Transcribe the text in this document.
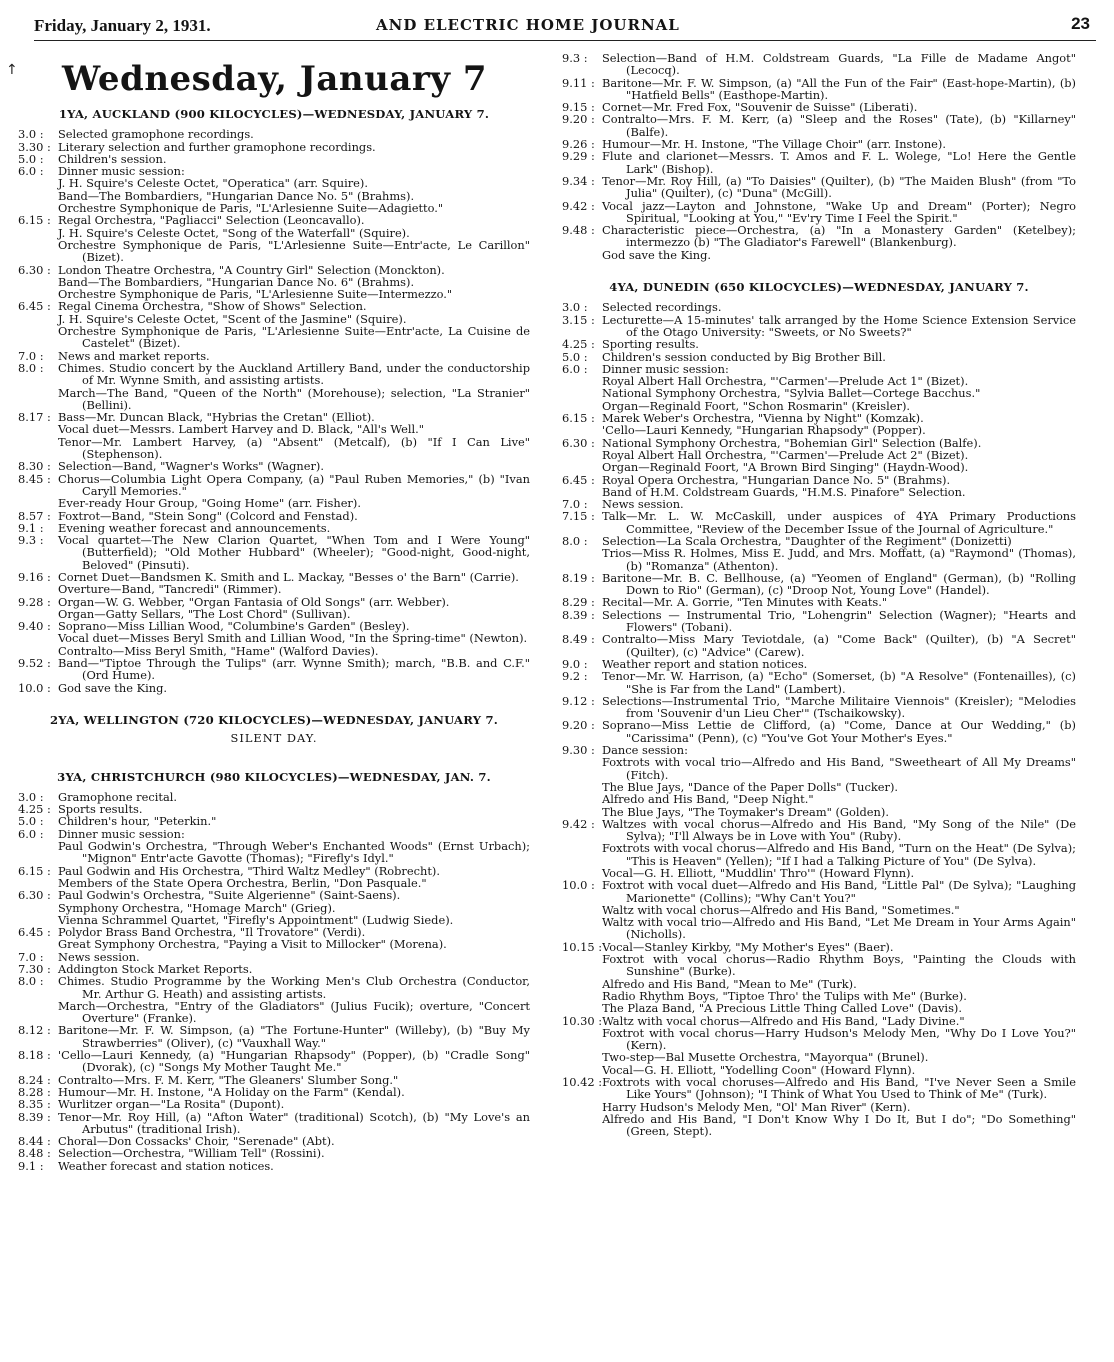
Friday, January 2, 1931.	AND ELECTRIC HOME JOURNAL	23
↑ Wednesday, January 7
1YA, AUCKLAND (900 KILOCYCLES)—WEDNESDAY, JANUARY 7.
3.0 :	Selected gramophone recordings.
3.30 : Literary selection and further gramophone recordings.
5.0 :	Children's session.
6.0 :	Dinner music session:
J. H. Squire's Celeste Octet, "Operatica" (arr. Squire).
Band—The Bombardiers, "Hungarian Dance No. 5" (Brahms).
Orchestre Symphonique de Paris, "L'Arlesienne Suite—Adagietto."
6.15 : Regal Orchestra, "Pagliacci" Selection (Leoncavallo).
J. H. Squire's Celeste Octet, "Song of the Waterfall" (Squire).
Orchestre Symphonique de Paris, "L'Arlesienne Suite—Entr'acte, Le Carillon" (Bizet).
6.30 : London Theatre Orchestra, "A Country Girl" Selection (Monckton).
Band—The Bombardiers, "Hungarian Dance No. 6" (Brahms).
Orchestre Symphonique de Paris, "L'Arlesienne Suite—Intermezzo."
6.45 : Regal Cinema Orchestra, "Show of Shows" Selection.
J. H. Squire's Celeste Octet, "Scent of the Jasmine" (Squire).
Orchestre Symphonique de Paris, "L'Arlesienne Suite—Entr'acte, La Cuisine de Castelet" (Bizet).
7.0 :	News and market reports.
8.0 :	Chimes. Studio concert by the Auckland Artillery Band, under the conductorship of Mr. Wynne Smith, and assisting artists.
March—The Band, "Queen of the North" (Morehouse); selection, "La Stranier" (Bellini).
8.17 : Bass—Mr. Duncan Black, "Hybrias the Cretan" (Elliot).
Vocal duet—Messrs. Lambert Harvey and D. Black, "All's Well."
Tenor—Mr. Lambert Harvey, (a) "Absent" (Metcalf), (b) "If I Can Live" (Stephenson).
8.30 : Selection—Band, "Wagner's Works" (Wagner).
8.45 : Chorus—Columbia Light Opera Company, (a) "Paul Ruben Memories," (b) "Ivan Caryll Memories."
Ever-ready Hour Group, "Going Home" (arr. Fisher).
8.57 : Foxtrot—Band, "Stein Song" (Colcord and Fenstad).
9.1 :	Evening weather forecast and announcements.
9.3 :	Vocal quartet—The New Clarion Quartet, "When Tom and I Were Young" (Butterfield); "Old Mother Hubbard" (Wheeler); "Good-night, Good-night, Beloved" (Pinsuti).
9.16 : Cornet Duet—Bandsmen K. Smith and L. Mackay, "Besses o' the Barn" (Carrie).
Overture—Band, "Tancredi" (Rimmer).
9.28 : Organ—W. G. Webber, "Organ Fantasia of Old Songs" (arr. Webber).
Organ—Gatty Sellars, "The Lost Chord" (Sullivan).
9.40 : Soprano—Miss Lillian Wood, "Columbine's Garden" (Besley).
Vocal duet—Misses Beryl Smith and Lillian Wood, "In the Spring-time" (Newton).
Contralto—Miss Beryl Smith, "Hame" (Walford Davies).
9.52 : Band—"Tiptoe Through the Tulips" (arr. Wynne Smith); march, "B.B. and C.F." (Ord Hume).
10.0 : God save the King.
2YA, WELLINGTON (720 KILOCYCLES)—WEDNESDAY, JANUARY 7.
SILENT DAY.
3YA, CHRISTCHURCH (980 KILOCYCLES)—WEDNESDAY, JAN. 7.
3.0 :	Gramophone recital.
4.25 : Sports results.
5.0 :	Children's hour, "Peterkin."
6.0 :	Dinner music session:
Paul Godwin's Orchestra, "Through Weber's Enchanted Woods" (Ernst Urbach); "Mignon" Entr'acte Gavotte (Thomas); "Firefly's Idyl."
6.15 : Paul Godwin and His Orchestra, "Third Waltz Medley" (Robrecht).
Members of the State Opera Orchestra, Berlin, "Don Pasquale."
6.30 : Paul Godwin's Orchestra, "Suite Algerienne" (Saint-Saens).
Symphony Orchestra, "Homage March" (Grieg).
Vienna Schrammel Quartet, "Firefly's Appointment" (Ludwig Siede).
6.45 : Polydor Brass Band Orchestra, "Il Trovatore" (Verdi).
Great Symphony Orchestra, "Paying a Visit to Millocker" (Morena).
7.0 :	News session.
7.30 : Addington Stock Market Reports.
8.0 :	Chimes. Studio Programme by the Working Men's Club Orchestra (Conductor, Mr. Arthur G. Heath) and assisting artists.
March—Orchestra, "Entry of the Gladiators" (Julius Fucik); overture, "Concert Overture" (Franke).
8.12 : Baritone—Mr. F. W. Simpson, (a) "The Fortune-Hunter" (Willeby), (b) "Buy My Strawberries" (Oliver), (c) "Vauxhall Way."
8.18 : 'Cello—Lauri Kennedy, (a) "Hungarian Rhapsody" (Popper), (b) "Cradle Song" (Dvorak), (c) "Songs My Mother Taught Me."
8.24 : Contralto—Mrs. F. M. Kerr, "The Gleaners' Slumber Song."
8.28 : Humour—Mr. H. Instone, "A Holiday on the Farm" (Kendal).
8.35 : Wurlitzer organ—"La Rosita" (Dupont).
8.39 : Tenor—Mr. Roy Hill, (a) "Afton Water" (traditional) Scotch), (b) "My Love's an Arbutus" (traditional Irish).
8.44 : Choral—Don Cossacks' Choir, "Serenade" (Abt).
8.48 : Selection—Orchestra, "William Tell" (Rossini).
9.1 :	Weather forecast and station notices.
9.3 :	Selection—Band of H.M. Coldstream Guards, "La Fille de Madame Angot" (Lecocq).
9.11 : Baritone—Mr. F. W. Simpson, (a) "All the Fun of the Fair" (East-hope-Martin), (b) "Hatfield Bells" (Easthope-Martin).
9.15 : Cornet—Mr. Fred Fox, "Souvenir de Suisse" (Liberati).
9.20 : Contralto—Mrs. F. M. Kerr, (a) "Sleep and the Roses" (Tate), (b) "Killarney" (Balfe).
9.26 : Humour—Mr. H. Instone, "The Village Choir" (arr. Instone).
9.29 : Flute and clarionet—Messrs. T. Amos and F. L. Wolege, "Lo! Here the Gentle Lark" (Bishop).
9.34 : Tenor—Mr. Roy Hill, (a) "To Daisies" (Quilter), (b) "The Maiden Blush" (from "To Julia" (Quilter), (c) "Duna" (McGill).
9.42 : Vocal jazz—Layton and Johnstone, "Wake Up and Dream" (Porter); Negro Spiritual, "Looking at You," "Ev'ry Time I Feel the Spirit."
9.48 : Characteristic piece—Orchestra, (a) "In a Monastery Garden" (Ketelbey); intermezzo (b) "The Gladiator's Farewell" (Blankenburg).
God save the King.
4YA, DUNEDIN (650 KILOCYCLES)—WEDNESDAY, JANUARY 7.
3.0 :	Selected recordings.
3.15 : Lecturette—A 15-minutes' talk arranged by the Home Science Extension Service of the Otago University: "Sweets, or No Sweets?"
4.25 : Sporting results.
5.0 :	Children's session conducted by Big Brother Bill.
6.0 :	Dinner music session:
Royal Albert Hall Orchestra, "'Carmen'—Prelude Act 1" (Bizet).
National Symphony Orchestra, "Sylvia Ballet—Cortege Bacchus."
Organ—Reginald Foort, "Schon Rosmarin" (Kreisler).
6.15 : Marek Weber's Orchestra, "Vienna by Night" (Komzak).
'Cello—Lauri Kennedy, "Hungarian Rhapsody" (Popper).
6.30 : National Symphony Orchestra, "Bohemian Girl" Selection (Balfe).
Royal Albert Hall Orchestra, "'Carmen'—Prelude Act 2" (Bizet).
Organ—Reginald Foort, "A Brown Bird Singing" (Haydn-Wood).
6.45 : Royal Opera Orchestra, "Hungarian Dance No. 5" (Brahms).
Band of H.M. Coldstream Guards, "H.M.S. Pinafore" Selection.
7.0 :	News session.
7.15 : Talk—Mr. L. W. McCaskill, under auspices of 4YA Primary Productions Committee, "Review of the December Issue of the Journal of Agriculture."
8.0 :	Selection—La Scala Orchestra, "Daughter of the Regiment" (Donizetti)
Trios—Miss R. Holmes, Miss E. Judd, and Mrs. Moffatt, (a) "Raymond" (Thomas), (b) "Romanza" (Athenton).
8.19 : Baritone—Mr. B. C. Bellhouse, (a) "Yeomen of England" (German), (b) "Rolling Down to Rio" (German), (c) "Droop Not, Young Love" (Handel).
8.29 : Recital—Mr. A. Gorrie, "Ten Minutes with Keats."
8.39 : Selections — Instrumental Trio, "Lohengrin" Selection (Wagner); "Hearts and Flowers" (Tobani).
8.49 : Contralto—Miss Mary Teviotdale, (a) "Come Back" (Quilter), (b) "A Secret" (Quilter), (c) "Advice" (Carew).
9.0 :	Weather report and station notices.
9.2 :	Tenor—Mr. W. Harrison, (a) "Echo" (Somerset, (b) "A Resolve" (Fontenailles), (c) "She is Far from the Land" (Lambert).
9.12 : Selections—Instrumental Trio, "Marche Militaire Viennois" (Kreisler); "Melodies from 'Souvenir d'un Lieu Cher'" (Tschaikowsky).
9.20 : Soprano—Miss Lettie de Clifford, (a) "Come, Dance at Our Wedding," (b) "Carissima" (Penn), (c) "You've Got Your Mother's Eyes."
9.30 : Dance session:
Foxtrots with vocal trio—Alfredo and His Band, "Sweetheart of All My Dreams" (Fitch).
The Blue Jays, "Dance of the Paper Dolls" (Tucker).
Alfredo and His Band, "Deep Night."
The Blue Jays, "The Toymaker's Dream" (Golden).
9.42 : Waltzes with vocal chorus—Alfredo and His Band, "My Song of the Nile" (De Sylva); "I'll Always be in Love with You" (Ruby).
Foxtrots with vocal chorus—Alfredo and His Band, "Turn on the Heat" (De Sylva); "This is Heaven" (Yellen); "If I had a Talking Picture of You" (De Sylva).
Vocal—G. H. Elliott, "Muddlin' Thro'" (Howard Flynn).
10.0 : Foxtrot with vocal duet—Alfredo and His Band, "Little Pal" (De Sylva); "Laughing Marionette" (Collins); "Why Can't You?"
Waltz with vocal chorus—Alfredo and His Band, "Sometimes."
Waltz with vocal trio—Alfredo and His Band, "Let Me Dream in Your Arms Again" (Nicholls).
10.15 : Vocal—Stanley Kirkby, "My Mother's Eyes" (Baer).
Foxtrot with vocal chorus—Radio Rhythm Boys, "Painting the Clouds with Sunshine" (Burke).
Alfredo and His Band, "Mean to Me" (Turk).
Radio Rhythm Boys, "Tiptoe Thro' the Tulips with Me" (Burke).
The Plaza Band, "A Precious Little Thing Called Love" (Davis).
10.30 : Waltz with vocal chorus—Alfredo and His Band, "Lady Divine."
Foxtrot with vocal chorus—Harry Hudson's Melody Men, "Why Do I Love You?" (Kern).
Two-step—Bal Musette Orchestra, "Mayorqua" (Brunel).
Vocal—G. H. Elliott, "Yodelling Coon" (Howard Flynn).
10.42 : Foxtrots with vocal choruses—Alfredo and His Band, "I've Never Seen a Smile Like Yours" (Johnson); "I Think of What You Used to Think of Me" (Turk).
Harry Hudson's Melody Men, "Ol' Man River" (Kern).
Alfredo and His Band, "I Don't Know Why I Do It, But I do"; "Do Something" (Green, Stept).
